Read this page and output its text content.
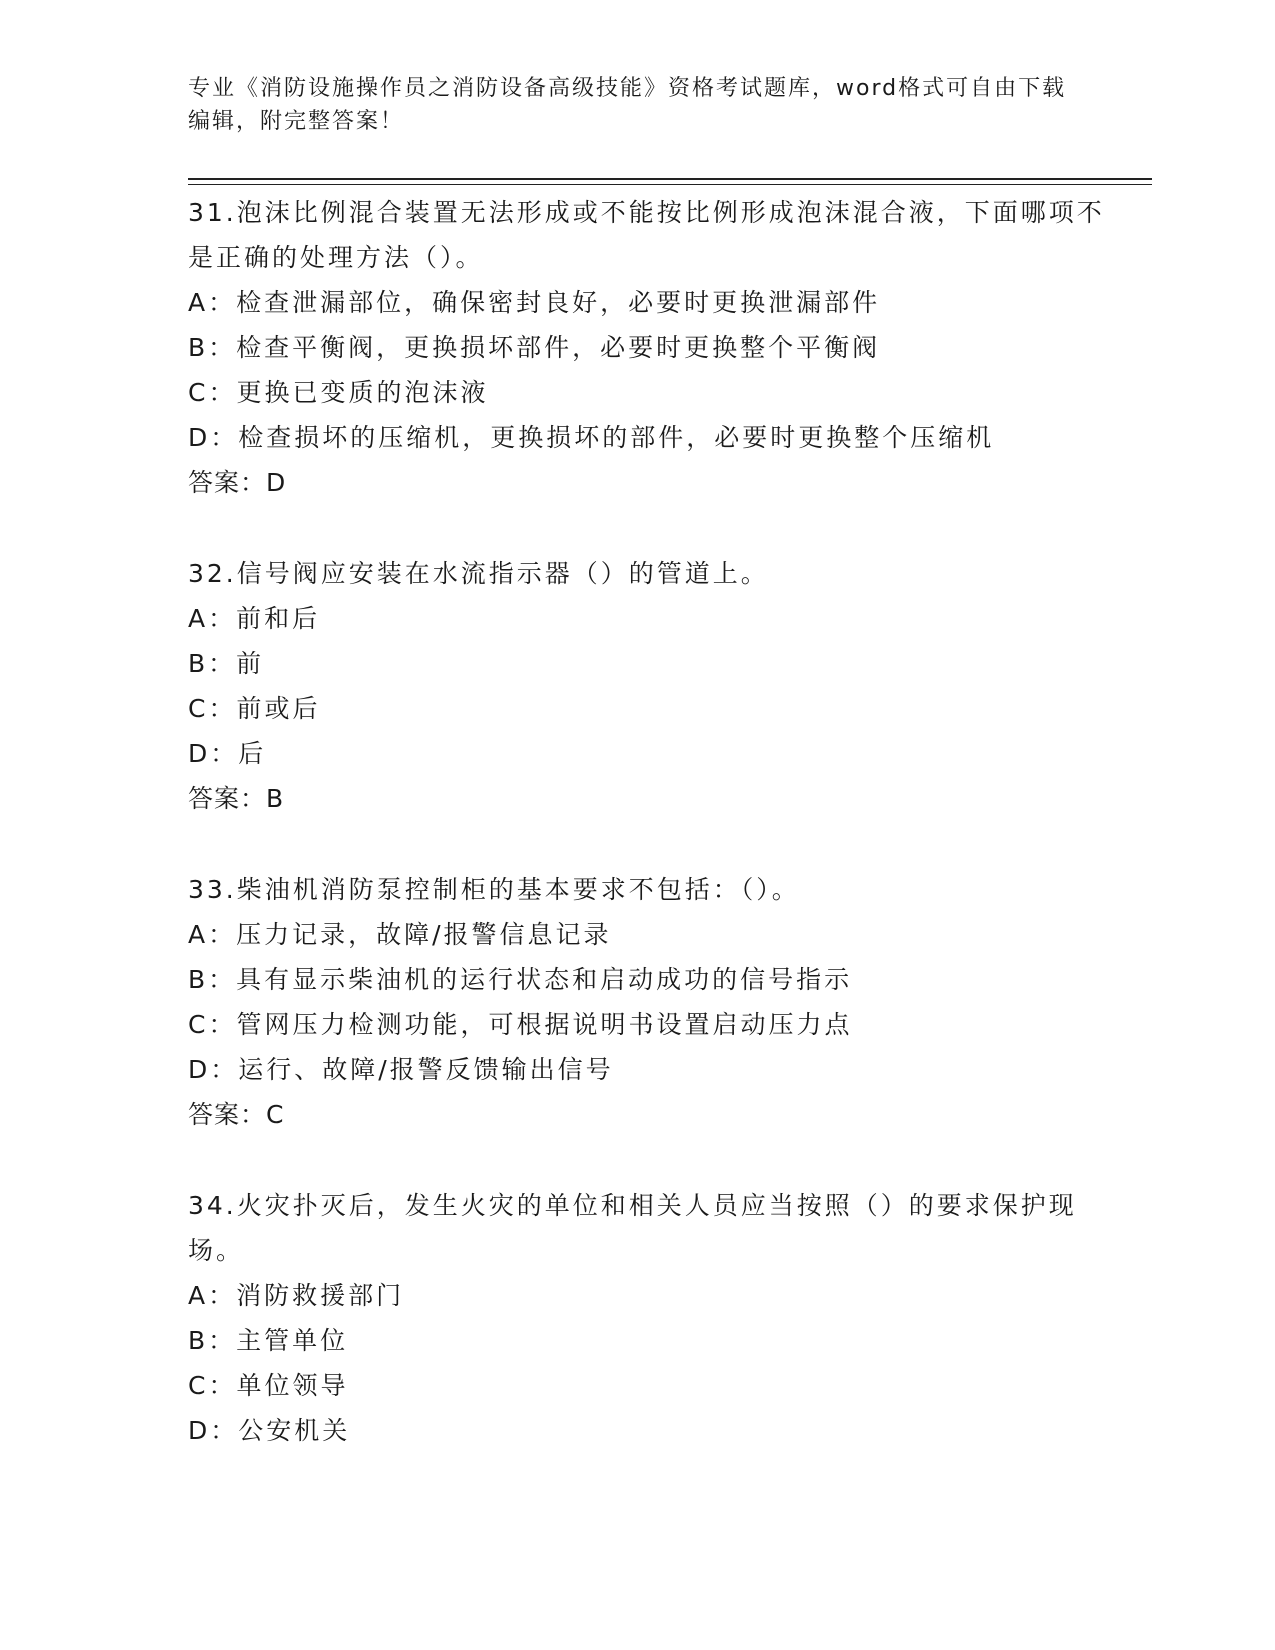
专业《消防设施操作员之消防设备高级技能》资格考试题库，word格式可自由下载编辑，附完整答案！
31.泡沫比例混合装置无法形成或不能按比例形成泡沫混合液，下面哪项不是正确的处理方法（）。
A：检查泄漏部位，确保密封良好，必要时更换泄漏部件
B：检查平衡阀，更换损坏部件，必要时更换整个平衡阀
C：更换已变质的泡沫液
D：检查损坏的压缩机，更换损坏的部件，必要时更换整个压缩机
答案：D
32.信号阀应安装在水流指示器（）的管道上。
A：前和后
B：前
C：前或后
D：后
答案：B
33.柴油机消防泵控制柜的基本要求不包括：（）。
A：压力记录，故障/报警信息记录
B：具有显示柴油机的运行状态和启动成功的信号指示
C：管网压力检测功能，可根据说明书设置启动压力点
D：运行、故障/报警反馈输出信号
答案：C
34.火灾扑灭后，发生火灾的单位和相关人员应当按照（）的要求保护现场。
A：消防救援部门
B：主管单位
C：单位领导
D：公安机关
